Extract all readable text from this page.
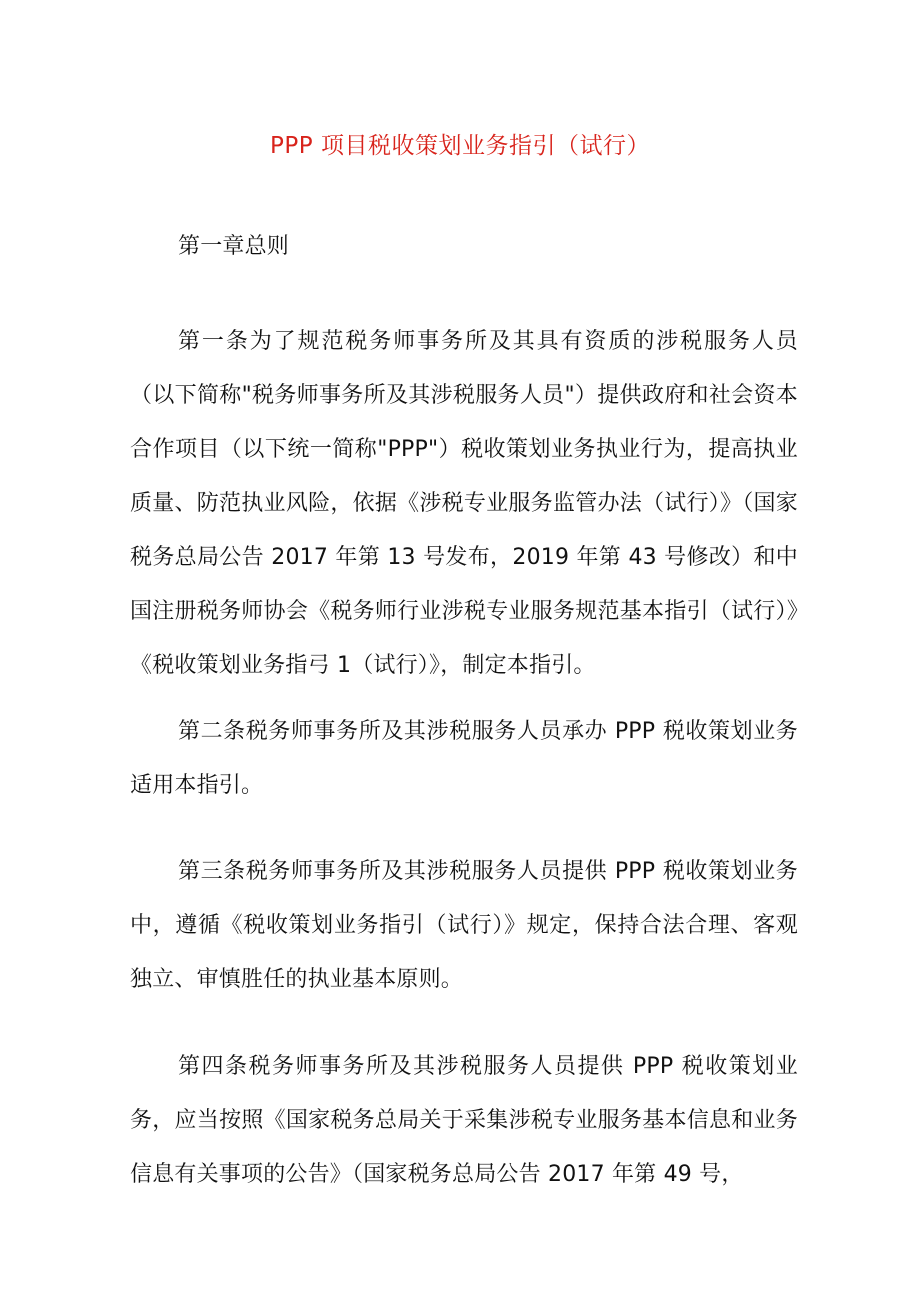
PPP 项目税收策划业务指引（试行）
第一章总则
第一条为了规范税务师事务所及其具有资质的涉税服务人员（以下简称"税务师事务所及其涉税服务人员"）提供政府和社会资本合作项目（以下统一简称"PPP"）税收策划业务执业行为，提高执业质量、防范执业风险，依据《涉税专业服务监管办法（试行）》（国家税务总局公告 2017 年第 13 号发布，2019 年第 43 号修改）和中国注册税务师协会《税务师行业涉税专业服务规范基本指引（试行）》《税收策划业务指弓 1（试行）》，制定本指引。
第二条税务师事务所及其涉税服务人员承办 PPP 税收策划业务适用本指引。
第三条税务师事务所及其涉税服务人员提供 PPP 税收策划业务中，遵循《税收策划业务指引（试行）》规定，保持合法合理、客观独立、审慎胜任的执业基本原则。
第四条税务师事务所及其涉税服务人员提供 PPP 税收策划业务，应当按照《国家税务总局关于采集涉税专业服务基本信息和业务信息有关事项的公告》（国家税务总局公告 2017 年第 49 号，
